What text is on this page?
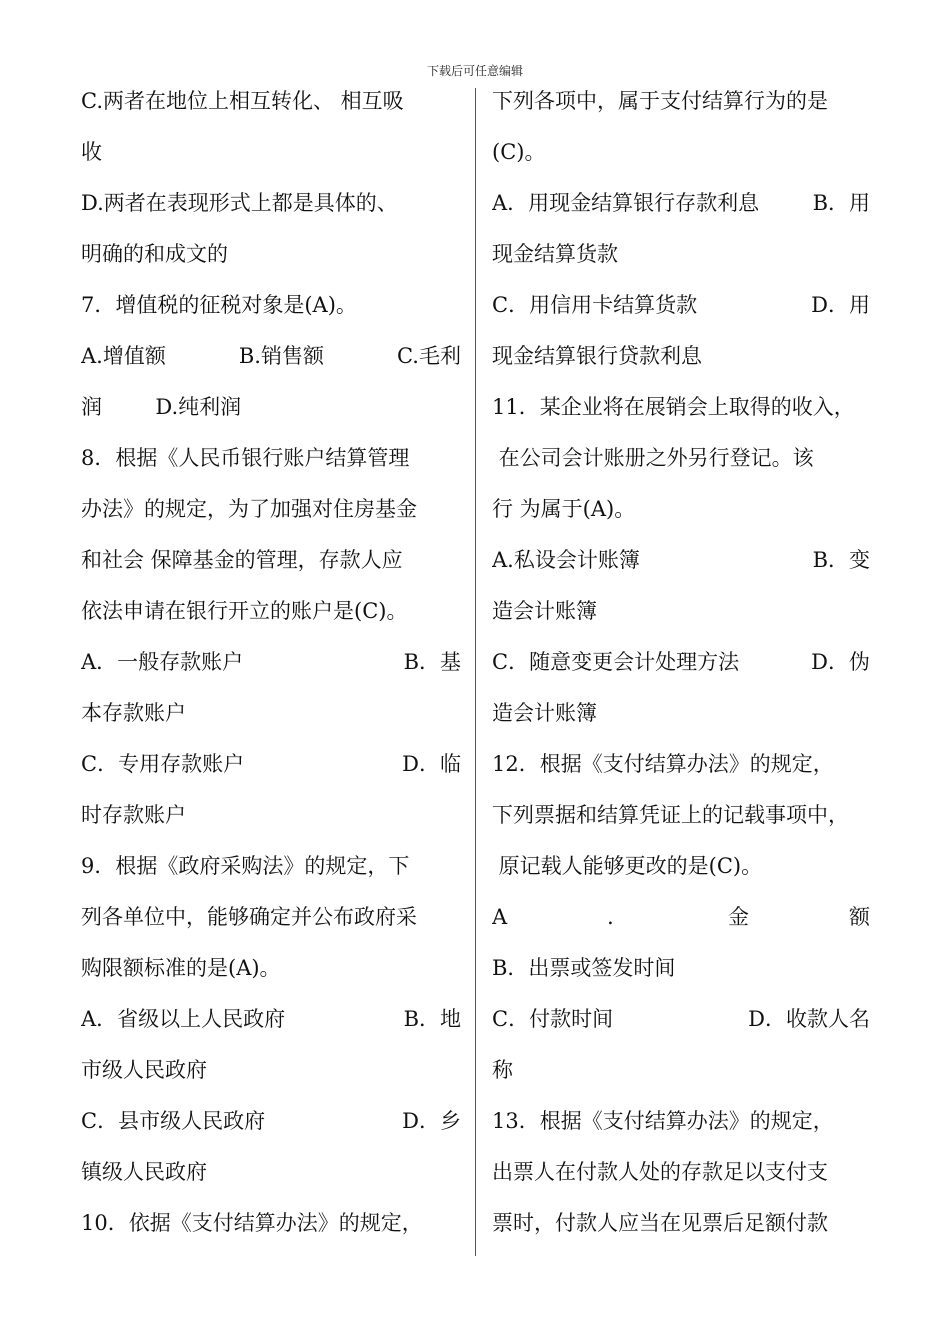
下载后可任意编辑
C.两者在地位上相互转化、 相互吸
收
D.两者在表现形式上都是具体的、
明确的和成文的
7．增值税的征税对象是(A)。
A.增值额	B.销售额	C.毛利
润        D.纯利润
8．根据《人民币银行账户结算管理
办法》的规定，为了加强对住房基金
和社会 保障基金的管理，存款人应
依法申请在银行开立的账户是(C)。
A．一般存款账户	B．基
本存款账户
C．专用存款账户	D．临
时存款账户
9．根据《政府采购法》的规定，下
列各单位中，能够确定并公布政府采
购限额标准的是(A)。
A．省级以上人民政府	B．地
市级人民政府
C．县市级人民政府	D．乡
镇级人民政府
10．依据《支付结算办法》的规定，
下列各项中，属于支付结算行为的是
(C)。
A．用现金结算银行存款利息	B．用
现金结算货款
C．用信用卡结算货款	D．用
现金结算银行贷款利息
11．某企业将在展销会上取得的收入，
在公司会计账册之外另行登记。该
行 为属于(A)。
A.私设会计账簿	B．变
造会计账簿
C．随意变更会计处理方法	D．伪
造会计账簿
12．根据《支付结算办法》的规定，
下列票据和结算凭证上的记载事项中，
原记载人能够更改的是(C)。
A	．	金	额
B．出票或签发时间
C．付款时间	D．收款人名
称
13．根据《支付结算办法》的规定，
出票人在付款人处的存款足以支付支
票时，付款人应当在见票后足额付款
